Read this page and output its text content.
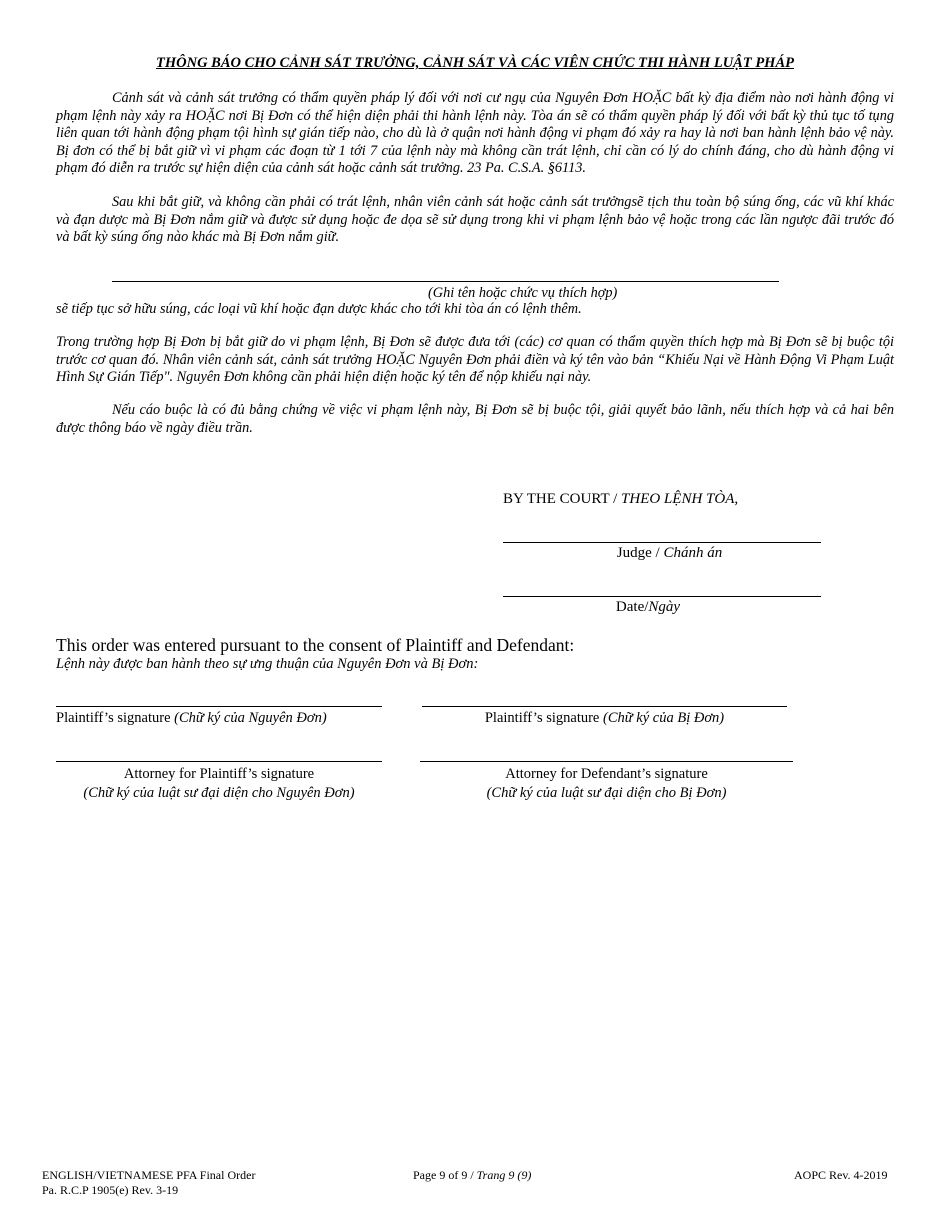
THÔNG BÁO CHO CẢNH SÁT TRƯỞNG, CẢNH SÁT VÀ CÁC VIÊN CHỨC THI HÀNH LUẬT PHÁP
Cảnh sát và cảnh sát trưởng có thẩm quyền pháp lý đối với nơi cư ngụ của Nguyên Đơn HOẶC bất kỳ địa điểm nào nơi hành động vi phạm lệnh này xảy ra HOẶC nơi Bị Đơn có thể hiện diện phải thi hành lệnh này. Tòa án sẽ có thẩm quyền pháp lý đối với bất kỳ thủ tục tố tụng liên quan tới hành động phạm tội hình sự gián tiếp nào, cho dù là ở quận nơi hành động vi phạm đó xảy ra hay là nơi ban hành lệnh bảo vệ này. Bị đơn có thể bị bắt giữ vì vi phạm các đoạn từ 1 tới 7 của lệnh này mà không cần trát lệnh, chỉ cần có lý do chính đáng, cho dù hành động vi phạm đó diễn ra trước sự hiện diện của cảnh sát hoặc cảnh sát trưởng. 23 Pa. C.S.A. §6113.
Sau khi bắt giữ, và không cần phải có trát lệnh, nhân viên cảnh sát hoặc cảnh sát trưởngsẽ tịch thu toàn bộ súng ống, các vũ khí khác và đạn dược mà Bị Đơn nắm giữ và được sử dụng hoặc đe dọa sẽ sử dụng trong khi vi phạm lệnh bảo vệ hoặc trong các lần ngược đãi trước đó và bất kỳ súng ống nào khác mà Bị Đơn nắm giữ.
(Ghi tên hoặc chức vụ thích hợp)
sẽ tiếp tục sở hữu súng, các loại vũ khí hoặc đạn dược khác cho tới khi tòa án có lệnh thêm.
Trong trường hợp Bị Đơn bị bắt giữ do vi phạm lệnh, Bị Đơn sẽ được đưa tới (các) cơ quan có thẩm quyền thích hợp mà Bị Đơn sẽ bị buộc tội trước cơ quan đó. Nhân viên cảnh sát, cảnh sát trưởng HOẶC Nguyên Đơn phải điền và ký tên vào bản “Khiếu Nại về Hành Động Vi Phạm Luật Hình Sự Gián Tiếp". Nguyên Đơn không cần phải hiện diện hoặc ký tên để nộp khiếu nại này.
Nếu cáo buộc là có đủ bằng chứng về việc vi phạm lệnh này, Bị Đơn sẽ bị buộc tội, giải quyết bảo lãnh, nếu thích hợp và cả hai bên được thông báo về ngày điều trần.
BY THE COURT / THEO LỆNH TÒA,
Judge / Chánh án
Date/Ngày
This order was entered pursuant to the consent of Plaintiff and Defendant:
Lệnh này được ban hành theo sự ưng thuận của Nguyên Đơn và Bị Đơn:
Plaintiff’s signature (Chữ ký của Nguyên Đơn)	Plaintiff’s signature (Chữ ký của Bị Đơn)
Attorney for Plaintiff’s signature
(Chữ ký của luật sư đại diện cho Nguyên Đơn)
Attorney for Defendant’s signature
(Chữ ký của luật sư đại diện cho Bị Đơn)
ENGLISH/VIETNAMESE PFA Final Order
Pa. R.C.P 1905(e) Rev. 3-19
Page 9 of 9 / Trang 9 (9)	AOPC Rev. 4-2019
